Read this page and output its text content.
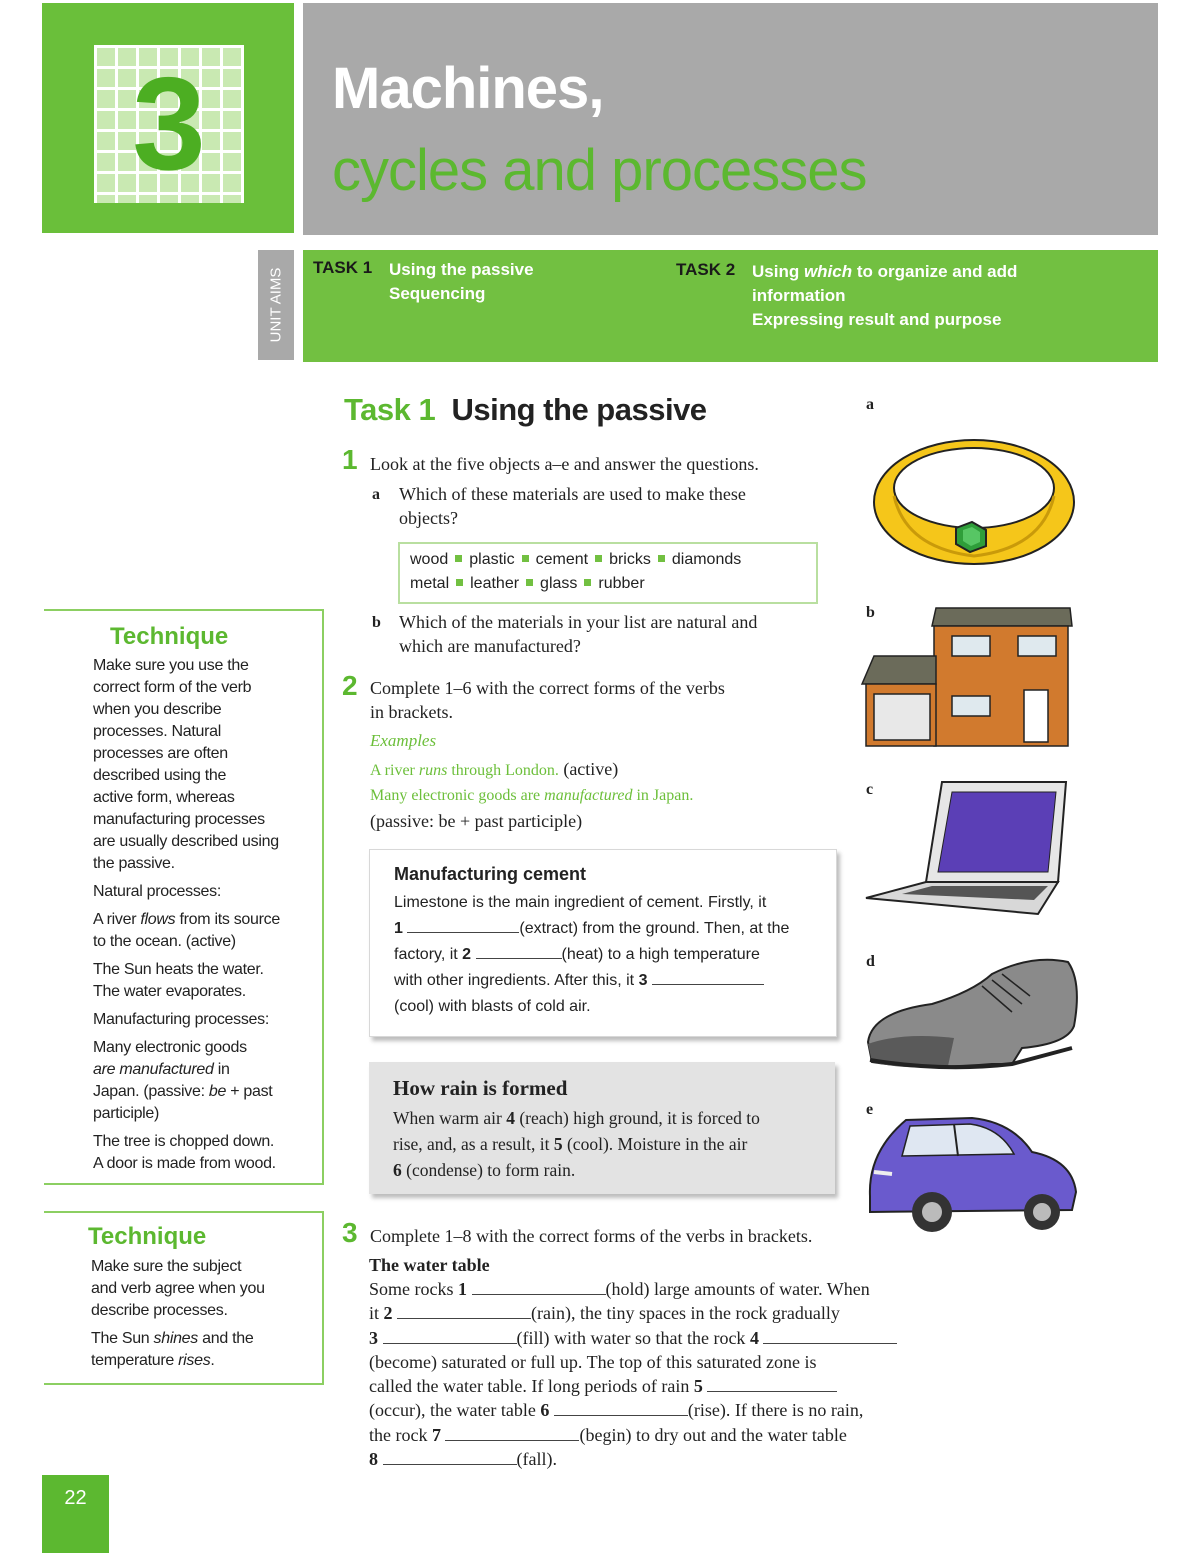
3	Machines,
cycles and processes
UNIT AIMS
TASK 1 Using the passive
Sequencing
TASK 2 Using which to organize and add
information
Expressing result and purpose
Task 1 Using the passive
1 Look at the five objects a–e and answer the questions.
a Which of these materials are used to make these
objects?
wood plastic cement bricks diamonds
metal leather glass rubber
b Which of the materials in your list are natural and
which are manufactured?
2 Complete 1–6 with the correct forms of the verbs
in brackets.
Examples
A river runs through London. (active)
Many electronic goods are manufactured in Japan.
(passive: be + past participle)
Manufacturing cement
Limestone is the main ingredient of cement. Firstly, it
1	(extract) from the ground. Then, at the
factory, it 2	(heat) to a high temperature
with other ingredients. After this, it 3
(cool) with blasts of cold air.
How rain is formed
When warm air 4 (reach) high ground, it is forced to
rise, and, as a result, it 5 (cool). Moisture in the air
6 (condense) to form rain.
3 Complete 1–8 with the correct forms of the verbs in brackets.
The water table
Some rocks 1	(hold) large amounts of water. When
it 2	(rain), the tiny spaces in the rock gradually
3	(fill) with water so that the rock 4
(become) saturated or full up. The top of this saturated zone is
called the water table. If long periods of rain 5
(occur), the water table 6	(rise). If there is no rain,
the rock 7	(begin) to dry out and the water table
8	(fall).
Technique
Make sure you use the
correct form of the verb
when you describe
processes. Natural
processes are often
described using the
active form, whereas
manufacturing processes
are usually described using
the passive.
Natural processes:
A river flows from its source
to the ocean. (active)
The Sun heats the water.
The water evaporates.
Manufacturing processes:
Many electronic goods
are manufactured in
Japan. (passive: be + past
participle)
The tree is chopped down.
A door is made from wood.
Technique
Make sure the subject
and verb agree when you
describe processes.
The Sun shines and the
temperature rises.
22
a
b
c
d
e
